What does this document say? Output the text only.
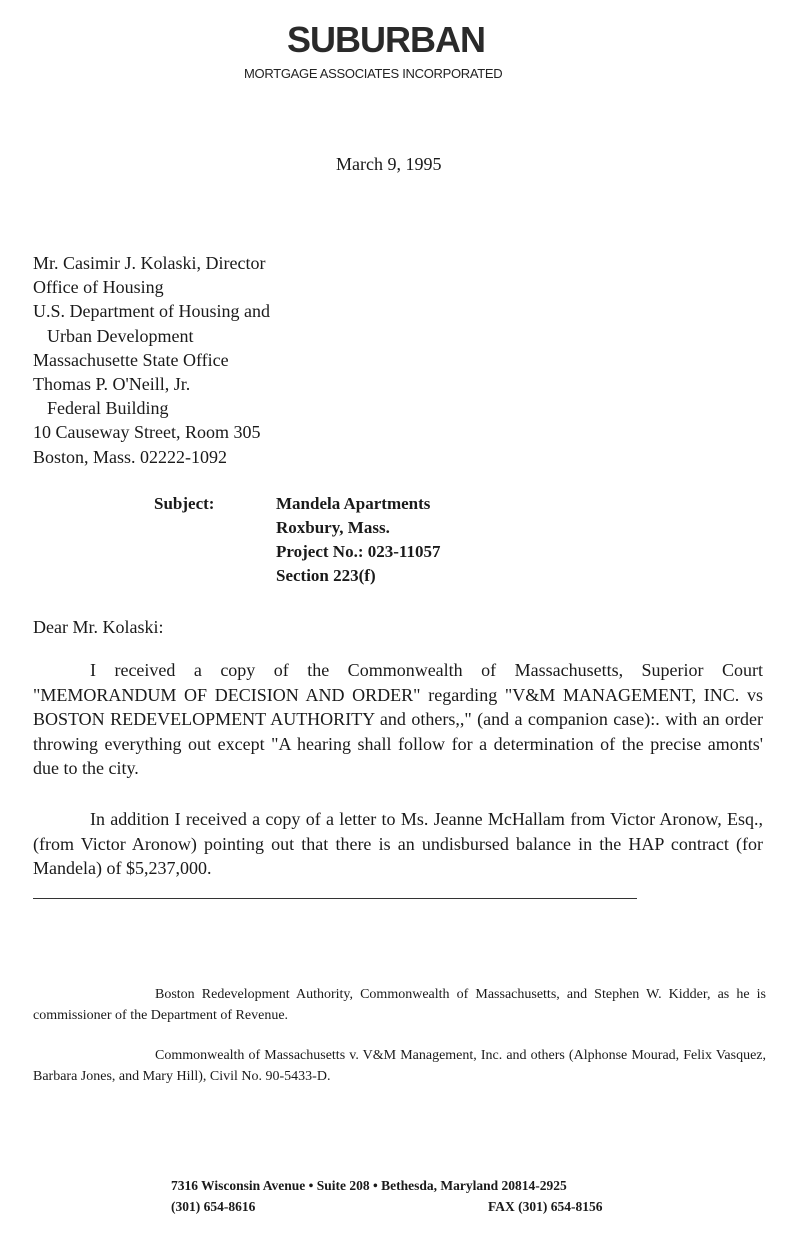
SUBURBAN
MORTGAGE ASSOCIATES INCORPORATED
March 9, 1995
Mr. Casimir J. Kolaski, Director
Office of Housing
U.S. Department of Housing and
Urban Development
Massachusette State Office
Thomas P. O'Neill, Jr.
Federal Building
10 Causeway Street, Room 305
Boston, Mass. 02222-1092
Subject:	Mandela Apartments
Roxbury, Mass.
Project No.: 023-11057
Section 223(f)
Dear Mr. Kolaski:
I received a copy of the Commonwealth of Massachusetts, Superior Court "MEMORANDUM OF DECISION AND ORDER" regarding "V&M MANAGEMENT, INC. vs BOSTON REDEVELOPMENT AUTHORITY and others,," (and a companion case):. with an order throwing everything out except "A hearing shall follow for a determination of the precise amonts' due to the city.
In addition I received a copy of a letter to Ms. Jeanne McHallam from Victor Aronow, Esq., (from Victor Aronow) pointing out that there is an undisbursed balance in the HAP contract (for Mandela) of $5,237,000.
Boston Redevelopment Authority, Commonwealth of Massachusetts, and Stephen W. Kidder, as he is commissioner of the Department of Revenue.
Commonwealth of Massachusetts v. V&M Management, Inc. and others (Alphonse Mourad, Felix Vasquez, Barbara Jones, and Mary Hill), Civil No. 90-5433-D.
7316 Wisconsin Avenue • Suite 208 • Bethesda, Maryland 20814-2925
(301) 654-8616	FAX (301) 654-8156
